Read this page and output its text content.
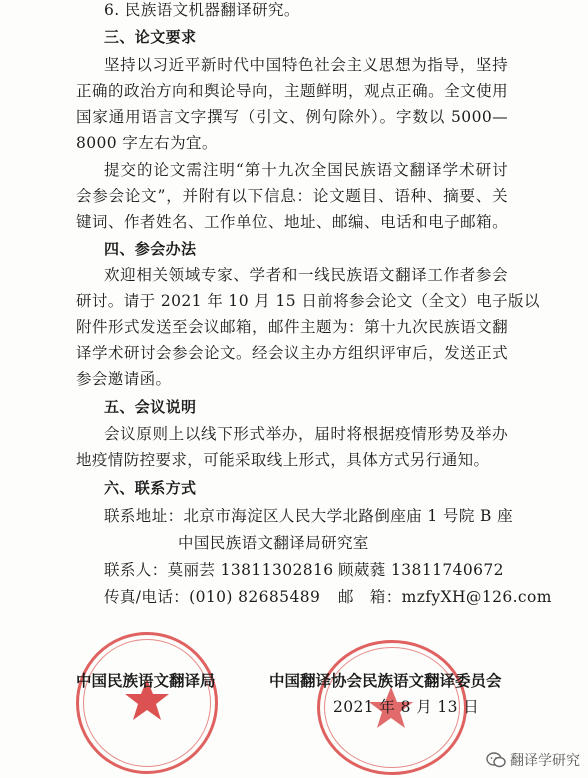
6. 民族语文机器翻译研究。
三、论文要求
坚持以习近平新时代中国特色社会主义思想为指导，坚持
正确的政治方向和舆论导向，主题鲜明，观点正确。全文使用
国家通用语言文字撰写（引文、例句除外）。字数以 5000—
8000 字左右为宜。
提交的论文需注明“第十九次全国民族语文翻译学术研讨
会参会论文”，并附有以下信息：论文题目、语种、摘要、关
键词、作者姓名、工作单位、地址、邮编、电话和电子邮箱。
四、参会办法
欢迎相关领域专家、学者和一线民族语文翻译工作者参会
研讨。请于 2021 年 10 月 15 日前将参会论文（全文）电子版以
附件形式发送至会议邮箱，邮件主题为：第十九次民族语文翻
译学术研讨会参会论文。经会议主办方组织评审后，发送正式
参会邀请函。
五、会议说明
会议原则上以线下形式举办，届时将根据疫情形势及举办
地疫情防控要求，可能采取线上形式，具体方式另行通知。
六、联系方式
联系地址：北京市海淀区人民大学北路倒座庙 1 号院 B 座
中国民族语文翻译局研究室
联系人：莫丽芸 13811302816 顾葳蕤 13811740672
传真/电话：(010) 82685489 邮　箱：mzfyXH@126.com
中国民族语文翻译局	中国翻译协会民族语文翻译委员会
2021 年 8 月 13 日
翻译学研究
